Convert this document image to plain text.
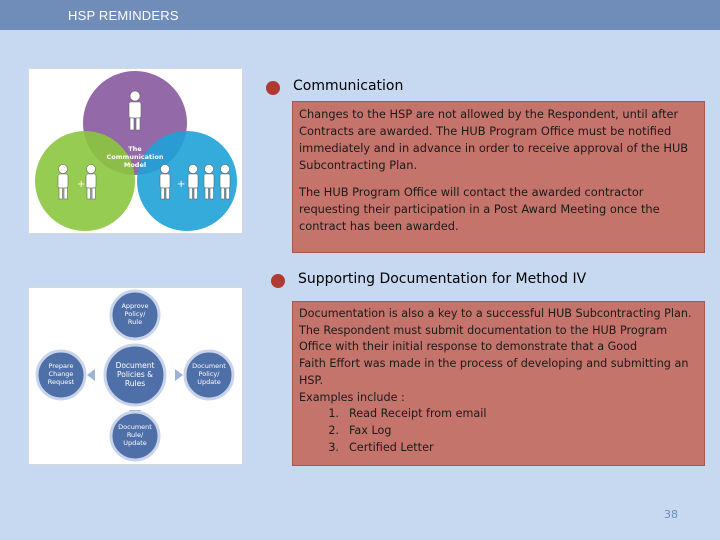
HSP REMINDERS
+	+
The
Communication
Model
Communication

Changes to the HSP are not allowed by the Respondent, until after Contracts are awarded. The HUB Program Office must be notified immediately and in advance in order to receive approval of the HUB Subcontracting Plan.

The HUB Program Office will contact the awarded contractor requesting their participation in a Post Award Meeting once the contract has been awarded.

Approve
Policy/
Rule
Prepare
Change
Request
Document
Policies &
Rules
Document
Policy/
Update
Document
Rule/
Update
Supporting Documentation for Method IV
Documentation is also a key to a successful HUB Subcontracting Plan.
The Respondent must submit documentation to the HUB Program
Office with their initial response to demonstrate that a Good
Faith Effort was made in the process of developing and submitting an
HSP.
Examples include :
1. Read Receipt from email
2. Fax Log
3. Certified Letter
38
